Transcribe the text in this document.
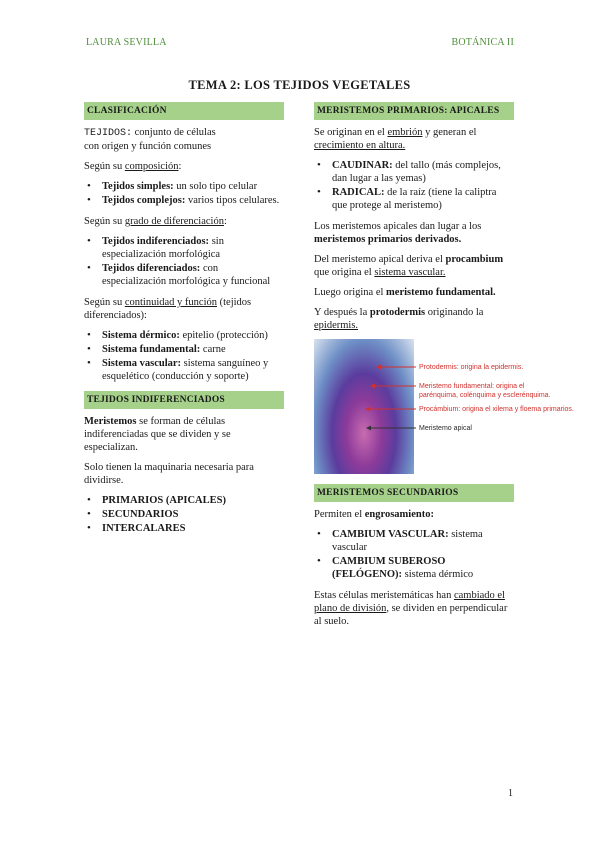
LAURA SEVILLA	BOTÁNICA II
TEMA 2: LOS TEJIDOS VEGETALES
CLASIFICACIÓN

TEJIDOS: conjunto de células
con origen y función comunes

Según su composición:

• Tejidos simples: un solo tipo celular
• Tejidos complejos: varios tipos celulares.

Según su grado de diferenciación:

• Tejidos indiferenciados: sin especialización morfológica
• Tejidos diferenciados: con especialización morfológica y funcional

Según su continuidad y función (tejidos diferenciados):

• Sistema dérmico: epitelio (protección)
• Sistema fundamental: carne
• Sistema vascular: sistema sanguíneo y esquelético (conducción y soporte)
TEJIDOS INDIFERENCIADOS

Meristemos se forman de células indiferenciadas que se dividen y se especializan.

Solo tienen la maquinaria necesaria para dividirse.

• PRIMARIOS (APICALES)
• SECUNDARIOS
• INTERCALARES
MERISTEMOS PRIMARIOS: APICALES

Se originan en el embrión y generan el crecimiento en altura.

• CAUDINAR: del tallo (más complejos, dan lugar a las yemas)
• RADICAL: de la raíz (tiene la caliptra que protege al meristemo)

Los meristemos apicales dan lugar a los meristemos primarios derivados.

Del meristemo apical deriva el procambium que origina el sistema vascular.

Luego origina el meristemo fundamental.

Y después la protodermis originando la epidermis.

Protodermis: origina la epidermis.
Meristemo fundamental: origina el
parénquima, colénquima y esclerénquima.
Procámbium: origina el xilema y floema primarios.
Meristemo apical
MERISTEMOS SECUNDARIOS

Permiten el engrosamiento:

• CAMBIUM VASCULAR: sistema vascular
• CAMBIUM SUBEROSO (FELÓGENO): sistema dérmico

Estas células meristemáticas han cambiado el plano de división, se dividen en perpendicular al suelo.

1
